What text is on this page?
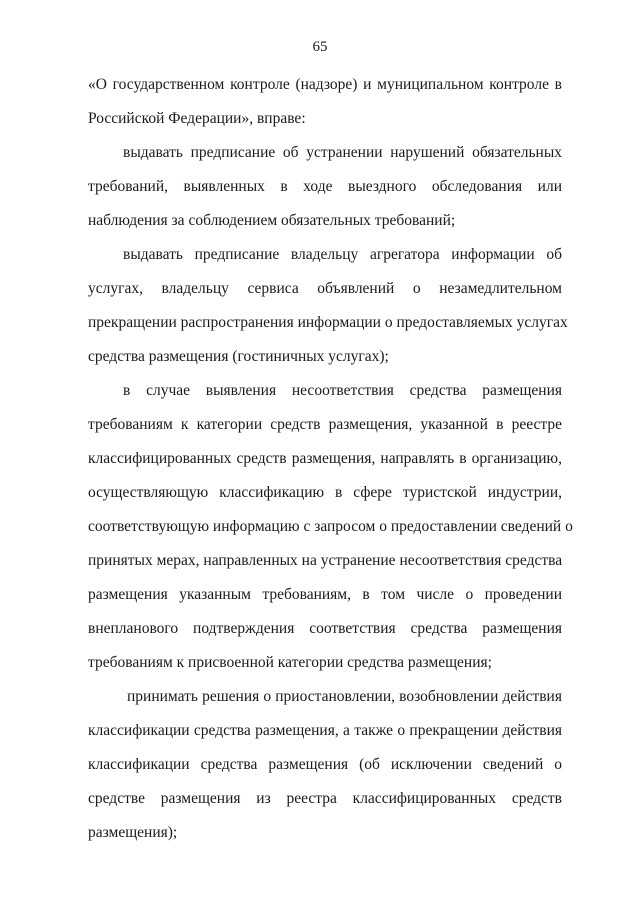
65
«О государственном контроле (надзоре) и муниципальном контроле в
Российской Федерации», вправе:
выдавать предписание об устранении нарушений обязательных
требований, выявленных в ходе выездного обследования или
наблюдения за соблюдением обязательных требований;
выдавать предписание владельцу агрегатора информации об
услугах, владельцу сервиса объявлений о незамедлительном
прекращении распространения информации о предоставляемых услугах
средства размещения (гостиничных услугах);
в случае выявления несоответствия средства размещения
требованиям к категории средств размещения, указанной в реестре
классифицированных средств размещения, направлять в организацию,
осуществляющую классификацию в сфере туристской индустрии,
соответствующую информацию с запросом о предоставлении сведений о
принятых мерах, направленных на устранение несоответствия средства
размещения указанным требованиям, в том числе о проведении
внепланового подтверждения соответствия средства размещения
требованиям к присвоенной категории средства размещения;
принимать решения о приостановлении, возобновлении действия
классификации средства размещения, а также о прекращении действия
классификации средства размещения (об исключении сведений о
средстве размещения из реестра классифицированных средств
размещения);
